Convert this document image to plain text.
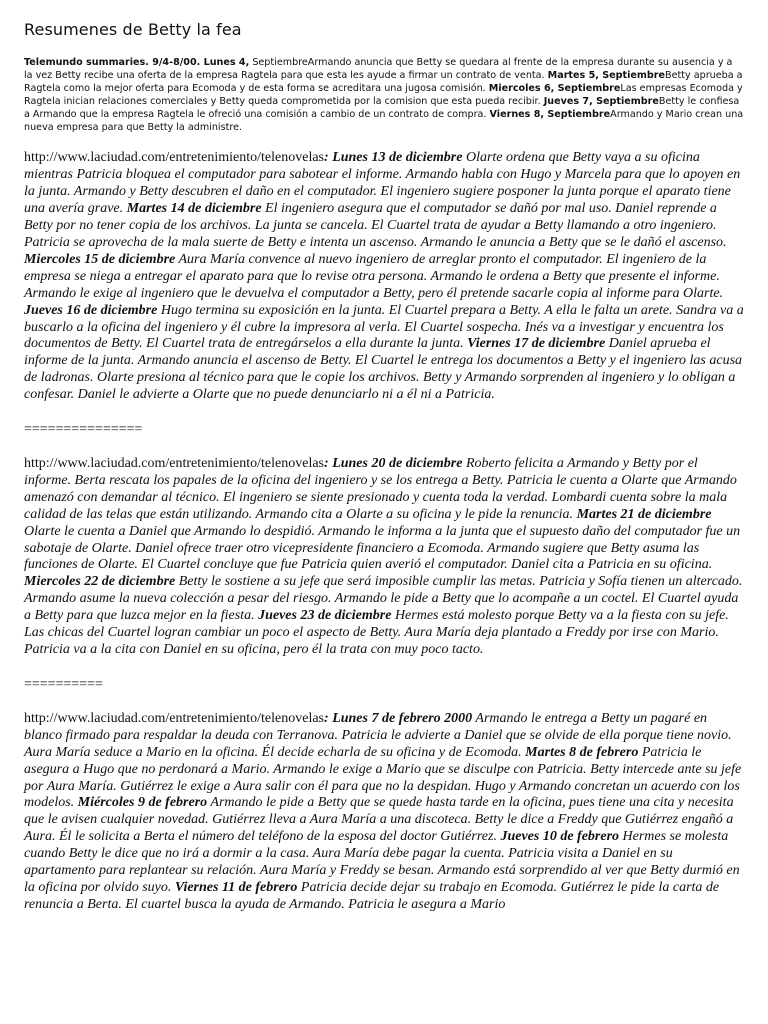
Resumenes de Betty la fea

Telemundo summaries. 9/4-8/00. Lunes 4, SeptiembreArmando anuncia que Betty se quedara al frente de la empresa durante su ausencia y a la vez Betty recibe una oferta de la empresa Ragtela para que esta les ayude a firmar un contrato de venta. Martes 5, SeptiembreBetty aprueba a Ragtela como la mejor oferta para Ecomoda y de esta forma se acreditara una jugosa comisión. Miercoles 6, SeptiembreLas empresas Ecomoda y Ragtela inician relaciones comerciales y Betty queda comprometida por la comision que esta pueda recibir. Jueves 7, SeptiembreBetty le confiesa a Armando que la empresa Ragtela le ofreció una comisión a cambio de un contrato de compra. Viernes 8, SeptiembreArmando y Mario crean una nueva empresa para que Betty la administre.

http://www.laciudad.com/entretenimiento/telenovelas: Lunes 13 de diciembre Olarte ordena que Betty vaya a su oficina mientras Patricia bloquea el computador para sabotear el informe. Armando habla con Hugo y Marcela para que lo apoyen en la junta. Armando y Betty descubren el daño en el computador. El ingeniero sugiere posponer la junta porque el aparato tiene una avería grave. Martes 14 de diciembre El ingeniero asegura que el computador se dañó por mal uso. Daniel reprende a Betty por no tener copia de los archivos. La junta se cancela. El Cuartel trata de ayudar a Betty llamando a otro ingeniero. Patricia se aprovecha de la mala suerte de Betty e intenta un ascenso. Armando le anuncia a Betty que se le dañó el ascenso. Miercoles 15 de diciembre Aura María convence al nuevo ingeniero de arreglar pronto el computador. El ingeniero de la empresa se niega a entregar el aparato para que lo revise otra persona. Armando le ordena a Betty que presente el informe. Armando le exige al ingeniero que le devuelva el computador a Betty, pero él pretende sacarle copia al informe para Olarte. Jueves 16 de diciembre Hugo termina su exposición en la junta. El Cuartel prepara a Betty. A ella le falta un arete. Sandra va a buscarlo a la oficina del ingeniero y él cubre la impresora al verla. El Cuartel sospecha. Inés va a investigar y encuentra los documentos de Betty. El Cuartel trata de entregárselos a ella durante la junta. Viernes 17 de diciembre Daniel aprueba el informe de la junta. Armando anuncia el ascenso de Betty. El Cuartel le entrega los documentos a Betty y el ingeniero las acusa de ladronas. Olarte presiona al técnico para que le copie los archivos. Betty y Armando sorprenden al ingeniero y lo obligan a confesar. Daniel le advierte a Olarte que no puede denunciarlo ni a él ni a Patricia.

===============

http://www.laciudad.com/entretenimiento/telenovelas: Lunes 20 de diciembre Roberto felicita a Armando y Betty por el informe. Berta rescata los papales de la oficina del ingeniero y se los entrega a Betty. Patricia le cuenta a Olarte que Armando amenazó con demandar al técnico. El ingeniero se siente presionado y cuenta toda la verdad. Lombardi cuenta sobre la mala calidad de las telas que están utilizando. Armando cita a Olarte a su oficina y le pide la renuncia. Martes 21 de diciembre Olarte le cuenta a Daniel que Armando lo despidió. Armando le informa a la junta que el supuesto daño del computador fue un sabotaje de Olarte. Daniel ofrece traer otro vicepresidente financiero a Ecomoda. Armando sugiere que Betty asuma las funciones de Olarte. El Cuartel concluye que fue Patricia quien averió el computador. Daniel cita a Patricia en su oficina. Miercoles 22 de diciembre Betty le sostiene a su jefe que será imposible cumplir las metas. Patricia y Sofía tienen un altercado. Armando asume la nueva colección a pesar del riesgo. Armando le pide a Betty que lo acompañe a un coctel. El Cuartel ayuda a Betty para que luzca mejor en la fiesta. Jueves 23 de diciembre Hermes está molesto porque Betty va a la fiesta con su jefe. Las chicas del Cuartel logran cambiar un poco el aspecto de Betty. Aura María deja plantado a Freddy por irse con Mario. Patricia va a la cita con Daniel en su oficina, pero él la trata con muy poco tacto.

==========

http://www.laciudad.com/entretenimiento/telenovelas: Lunes 7 de febrero 2000 Armando le entrega a Betty un pagaré en blanco firmado para respaldar la deuda con Terranova. Patricia le advierte a Daniel que se olvide de ella porque tiene novio. Aura María seduce a Mario en la oficina. Él decide echarla de su oficina y de Ecomoda. Martes 8 de febrero Patricia le asegura a Hugo que no perdonará a Mario. Armando le exige a Mario que se disculpe con Patricia. Betty intercede ante su jefe por Aura María. Gutiérrez le exige a Aura salir con él para que no la despidan. Hugo y Armando concretan un acuerdo con los modelos. Miércoles 9 de febrero Armando le pide a Betty que se quede hasta tarde en la oficina, pues tiene una cita y necesita que le avisen cualquier novedad. Gutiérrez lleva a Aura María a una discoteca. Betty le dice a Freddy que Gutiérrez engañó a Aura. Él le solicita a Berta el número del teléfono de la esposa del doctor Gutiérrez. Jueves 10 de febrero Hermes se molesta cuando Betty le dice que no irá a dormir a la casa. Aura María debe pagar la cuenta. Patricia visita a Daniel en su apartamento para replantear su relación. Aura María y Freddy se besan. Armando está sorprendido al ver que Betty durmió en la oficina por olvido suyo. Viernes 11 de febrero Patricia decide dejar su trabajo en Ecomoda. Gutiérrez le pide la carta de renuncia a Berta. El cuartel busca la ayuda de Armando. Patricia le asegura a Mario
